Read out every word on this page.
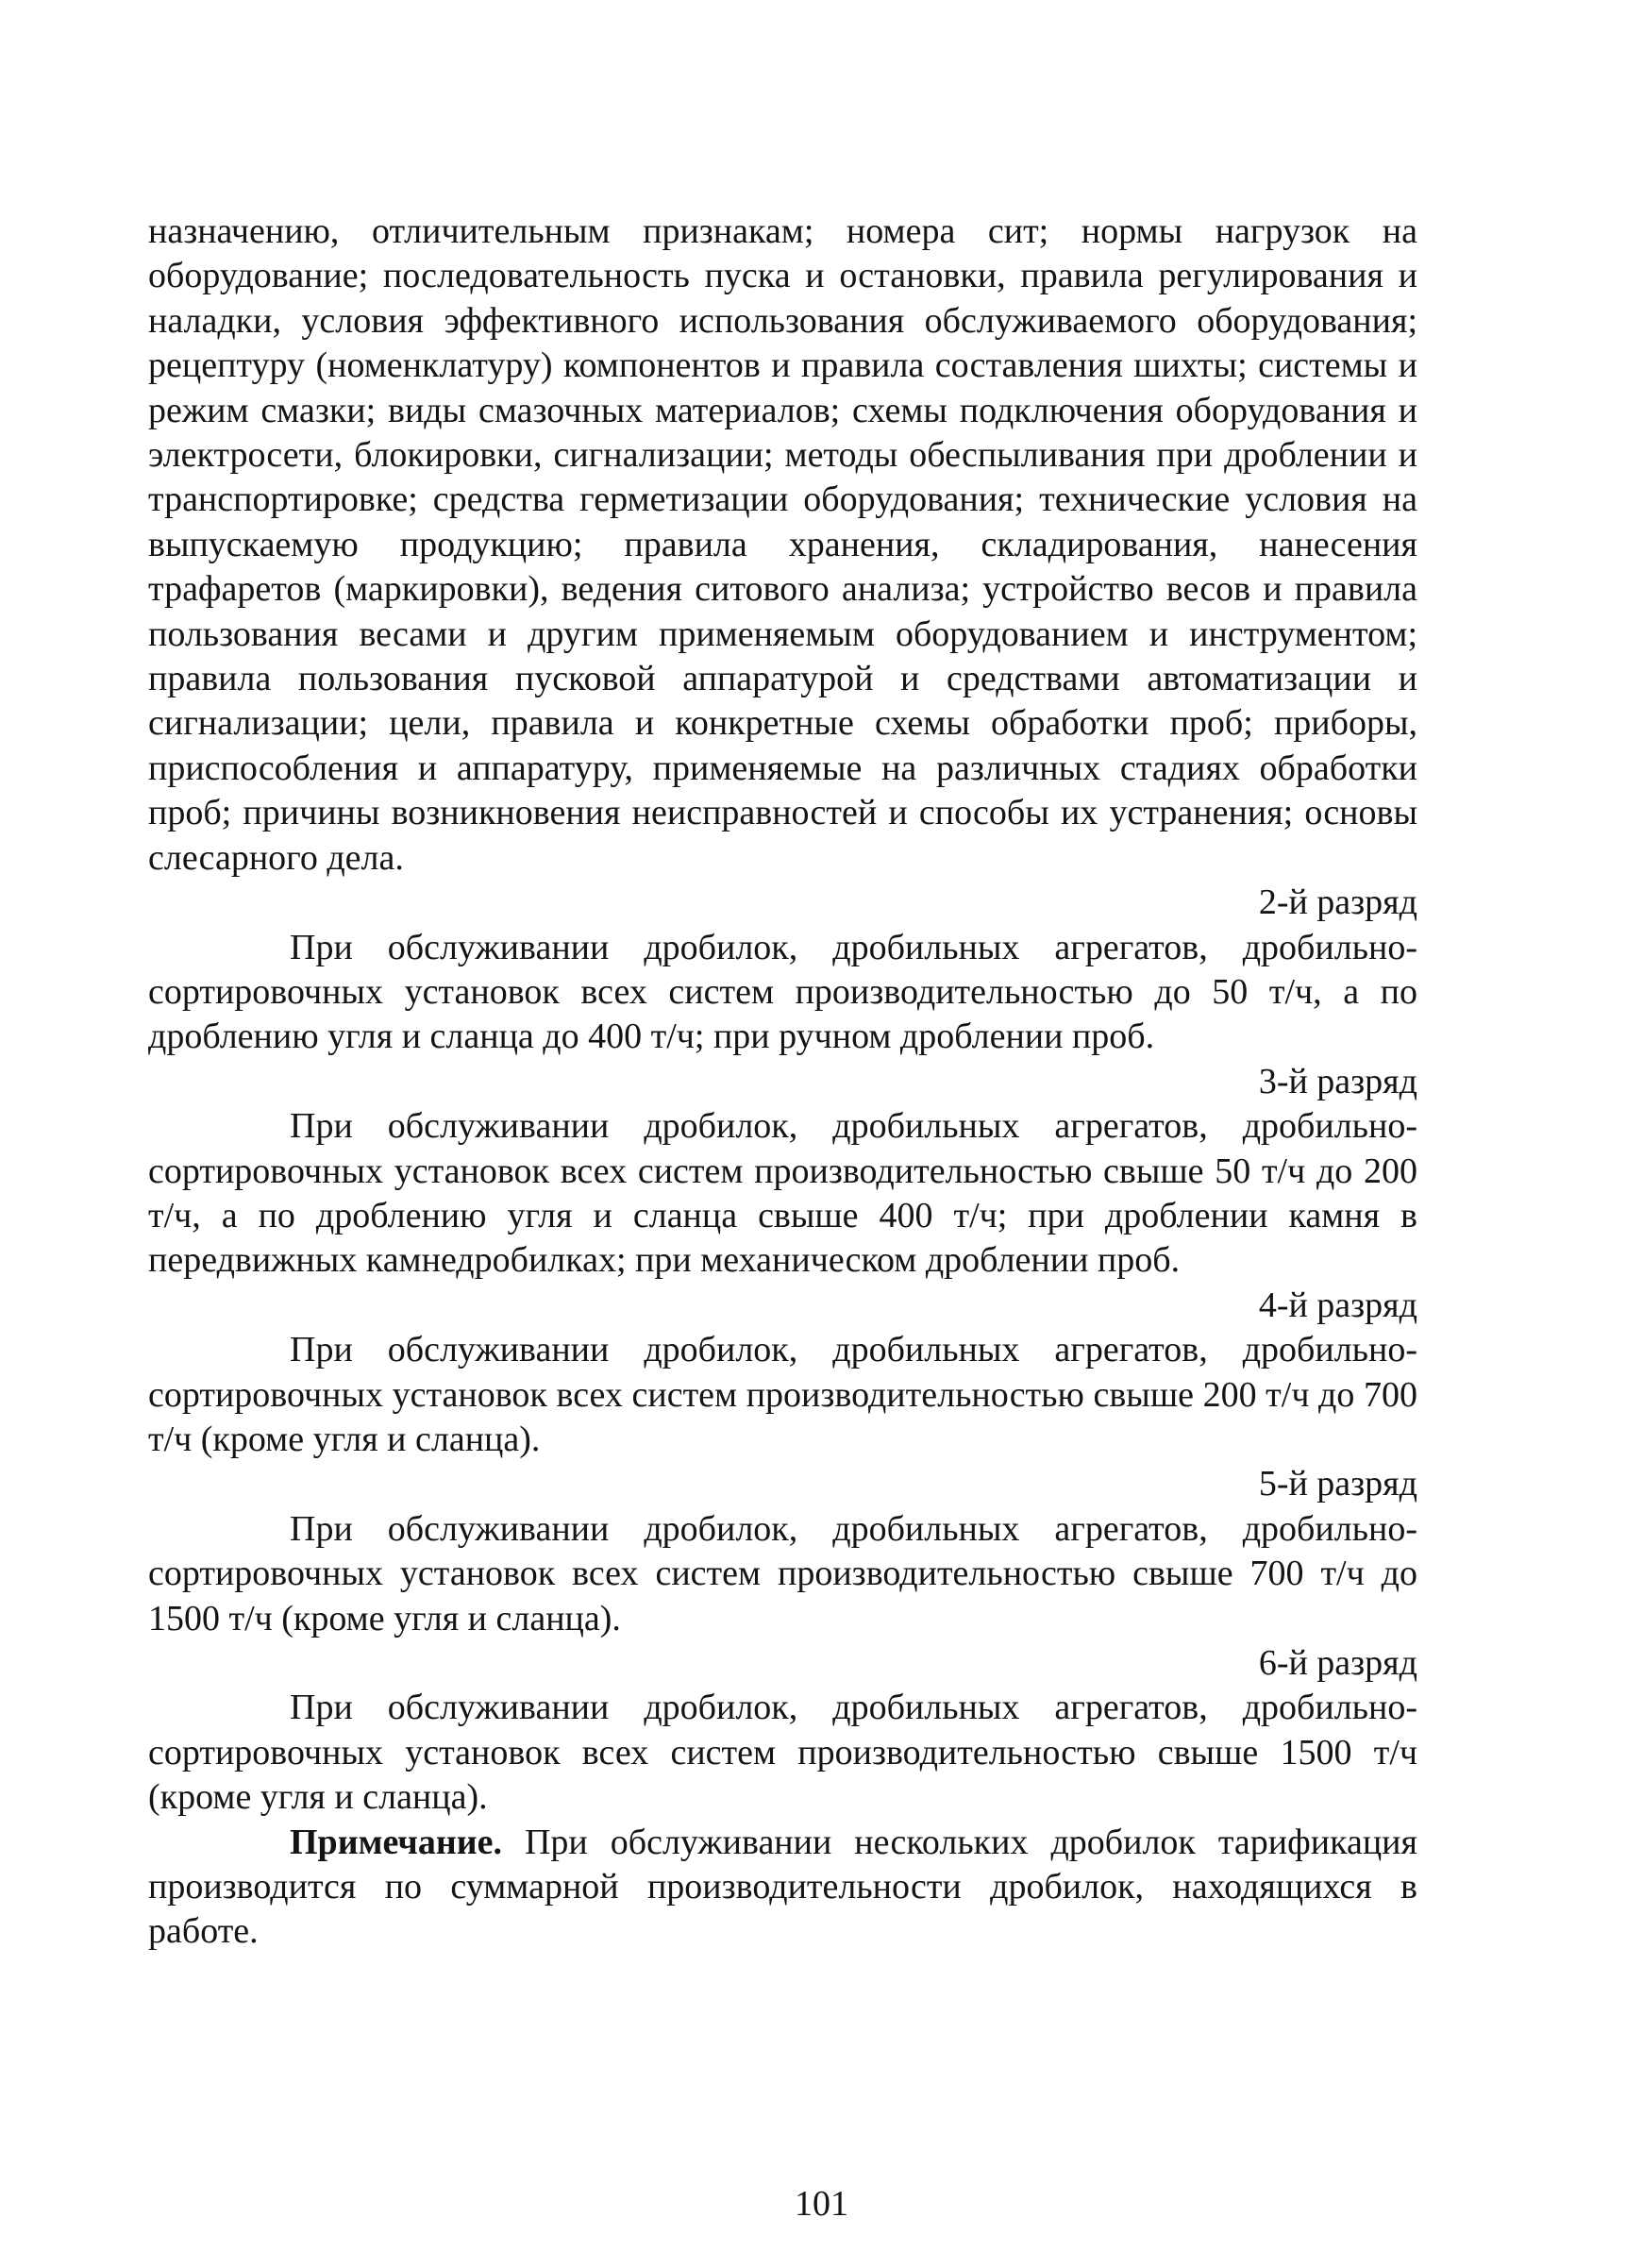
назначению, отличительным признакам; номера сит; нормы нагрузок на оборудование; последовательность пуска и остановки, правила регулирования и наладки, условия эффективного использования обслуживаемого оборудования; рецептуру (номенклатуру) компонентов и правила составления шихты; системы и режим смазки; виды смазочных материалов; схемы подключения оборудования и электросети, блокировки, сигнализации; методы обеспыливания при дроблении и транспортировке; средства герметизации оборудования; технические условия на выпускаемую продукцию; правила хранения, складирования, нанесения трафаретов (маркировки), ведения ситового анализа; устройство весов и правила пользования весами и другим применяемым оборудованием и инструментом; правила пользования пусковой аппаратурой и средствами автоматизации и сигнализации; цели, правила и конкретные схемы обработки проб; приборы, приспособления и аппаратуру, применяемые на различных стадиях обработки проб; причины возникновения неисправностей и способы их устранения; основы слесарного дела.

2-й разряд

При обслуживании дробилок, дробильных агрегатов, дробильно-сортировочных установок всех систем производительностью до 50 т/ч, а по дроблению угля и сланца до 400 т/ч; при ручном дроблении проб.

3-й разряд

При обслуживании дробилок, дробильных агрегатов, дробильно-сортировочных установок всех систем производительностью свыше 50 т/ч до 200 т/ч, а по дроблению угля и сланца свыше 400 т/ч; при дроблении камня в передвижных камнедробилках; при механическом дроблении проб.

4-й разряд

При обслуживании дробилок, дробильных агрегатов, дробильно-сортировочных установок всех систем производительностью свыше 200 т/ч до 700 т/ч (кроме угля и сланца).

5-й разряд

При обслуживании дробилок, дробильных агрегатов, дробильно-сортировочных установок всех систем производительностью свыше 700 т/ч до 1500 т/ч (кроме угля и сланца).

6-й разряд

При обслуживании дробилок, дробильных агрегатов, дробильно-сортировочных установок всех систем производительностью свыше 1500 т/ч (кроме угля и сланца).

Примечание. При обслуживании нескольких дробилок тарификация производится по суммарной производительности дробилок, находящихся в работе.

101
